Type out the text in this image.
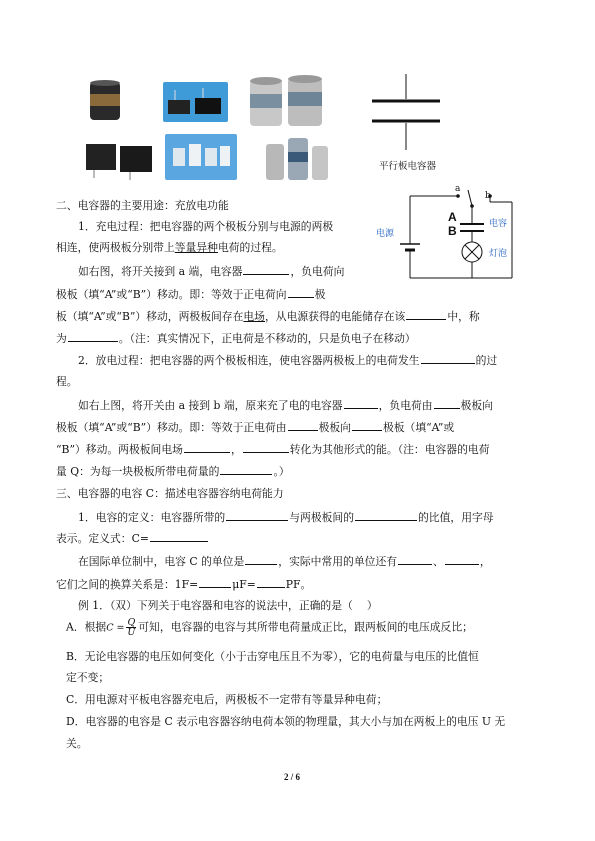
平行板电容器
a
b
A
B
电源
电容
灯泡
二、电容器的主要用途：充放电功能
1．充电过程：把电容器的两个极板分别与电源的两极
相连，使两极板分别带上等量异种电荷的过程。
如右图，将开关接到 a 端，电容器	，负电荷向
极板（填“A”或“B”）移动。即：等效于正电荷向	极
板（填“A”或“B”）移动，两极板间存在电场，从电源获得的电能储存在该	中，称
为	。（注：真实情况下，正电荷是不移动的，只是负电子在移动）
2．放电过程：把电容器的两个极板相连，使电容器两极板上的电荷发生	的过
程。
如右上图，将开关由 a 接到 b 端，原来充了电的电容器	，负电荷由	极板向
极板（填“A”或“B”）移动。即：等效于正电荷由	极板向	极板（填“A”或
“B”）移动。两极板间电场	，	转化为其他形式的能。（注：电容器的电荷
量 Q：为每一块极板所带电荷量的	。）
三、电容器的电容 C：描述电容器容纳电荷能力
1．电容的定义：电容器所带的	与两极板间的	的比值，用字母
表示。定义式：C=
在国际单位制中，电容 C 的单位是	，实际中常用的单位还有	、	，
它们之间的换算关系是：1F=	μF=	PF。
例 1．（双）下列关于电容器和电容的说法中，正确的是（ ）
A．根据$C = \frac{Q}{U}$ 可知，电容器的电容与其所带电荷量成正比，跟两板间的电压成反比；
B．无论电容器的电压如何变化（小于击穿电压且不为零），它的电荷量与电压的比值恒
定不变；
C．用电源对平板电容器充电后，两极板不一定带有等量异种电荷；
D．电容器的电容是 C 表示电容器容纳电荷本领的物理量，其大小与加在两板上的电压 U 无
关。
2 / 6
